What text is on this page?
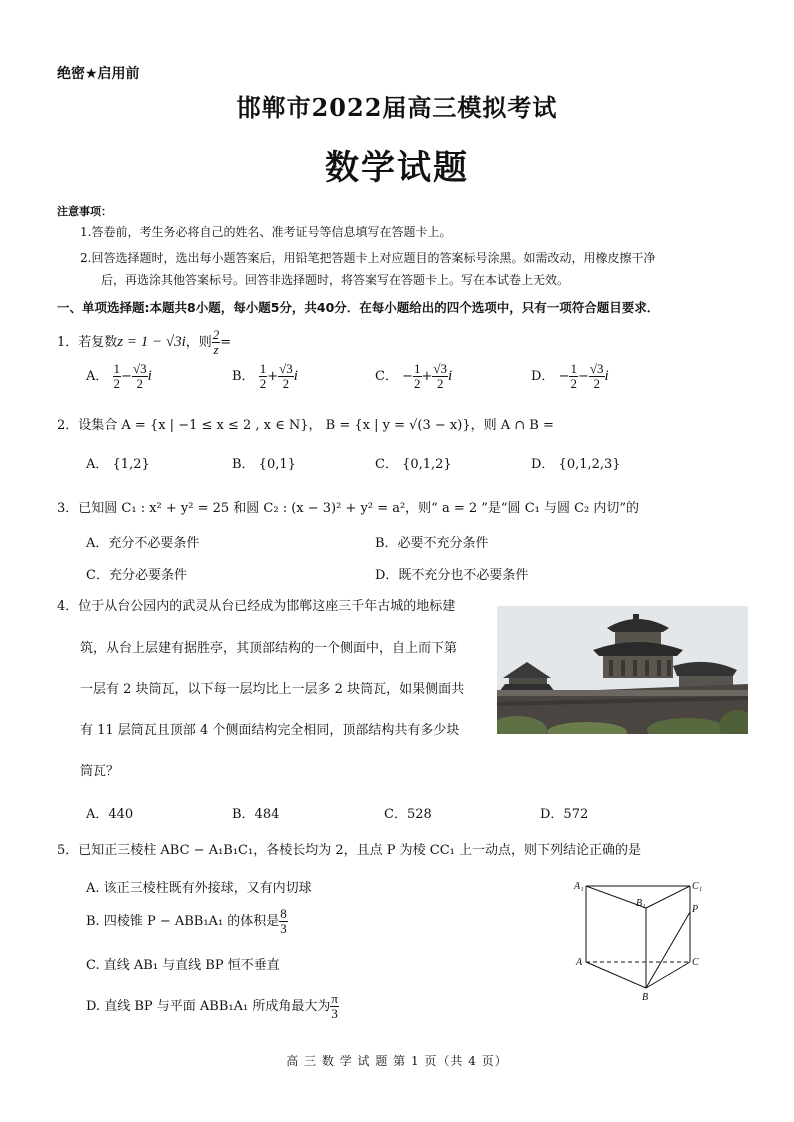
绝密★启用前
邯郸市2022届高三模拟考试
数学试题
注意事项：
1.答卷前，考生务必将自己的姓名、准考证号等信息填写在答题卡上。
2.回答选择题时，选出每小题答案后，用铅笔把答题卡上对应题目的答案标号涂黑。如需改动，用橡皮擦干净
后，再选涂其他答案标号。回答非选择题时，将答案写在答题卡上。写在本试卷上无效。
一、单项选择题:本题共8小题，每小题5分，共40分．在每小题给出的四个选项中，只有一项符合题目要求．
1．若复数z = 1 − √3i，则 $\frac{2}{z}$ =
A． $\frac{1}{2} - \frac{√3}{2}$ i	B． $\frac{1}{2} + \frac{√3}{2}$ i	C． − $\frac{1}{2} + \frac{√3}{2}$ i	D． − $\frac{1}{2} - \frac{√3}{2}$ i
2．设集合 A = {x | −1 ≤ x ≤ 2 , x ∈ N}， B = {x | y = √(3 − x)}，则 A ∩ B =
A． {1,2}	B． {0,1}	C． {0,1,2}	D． {0,1,2,3}
3．已知圆 C₁ : x² + y² = 25 和圆 C₂ : (x − 3)² + y² = a²，则“ a = 2 ”是“圆 C₁ 与圆 C₂ 内切”的
A．充分不必要条件	B．必要不充分条件
C．充分必要条件	D．既不充分也不必要条件
4．位于从台公园内的武灵从台已经成为邯郸这座三千年古城的地标建
筑，从台上层建有据胜亭，其顶部结构的一个侧面中，自上而下第
一层有 2 块筒瓦，以下每一层均比上一层多 2 块筒瓦，如果侧面共
有 11 层筒瓦且顶部 4 个侧面结构完全相同，顶部结构共有多少块
筒瓦？
A．440	B．484	C．528	D．572
5．已知正三棱柱 ABC − A₁B₁C₁，各棱长均为 2，且点 P 为棱 CC₁ 上一动点，则下列结论正确的是
A. 该正三棱柱既有外接球，又有内切球
B. 四棱锥 P − ABB₁A₁ 的体积是 $\frac{8}{3}$
C. 直线 AB₁ 与直线 BP 恒不垂直
D. 直线 BP 与平面 ABB₁A₁ 所成角最大为 $\frac{\pi}{3}$
A₁	C₁
B₁
P
A	C
B
高 三 数 学 试 题 第 1 页（共 4 页）
